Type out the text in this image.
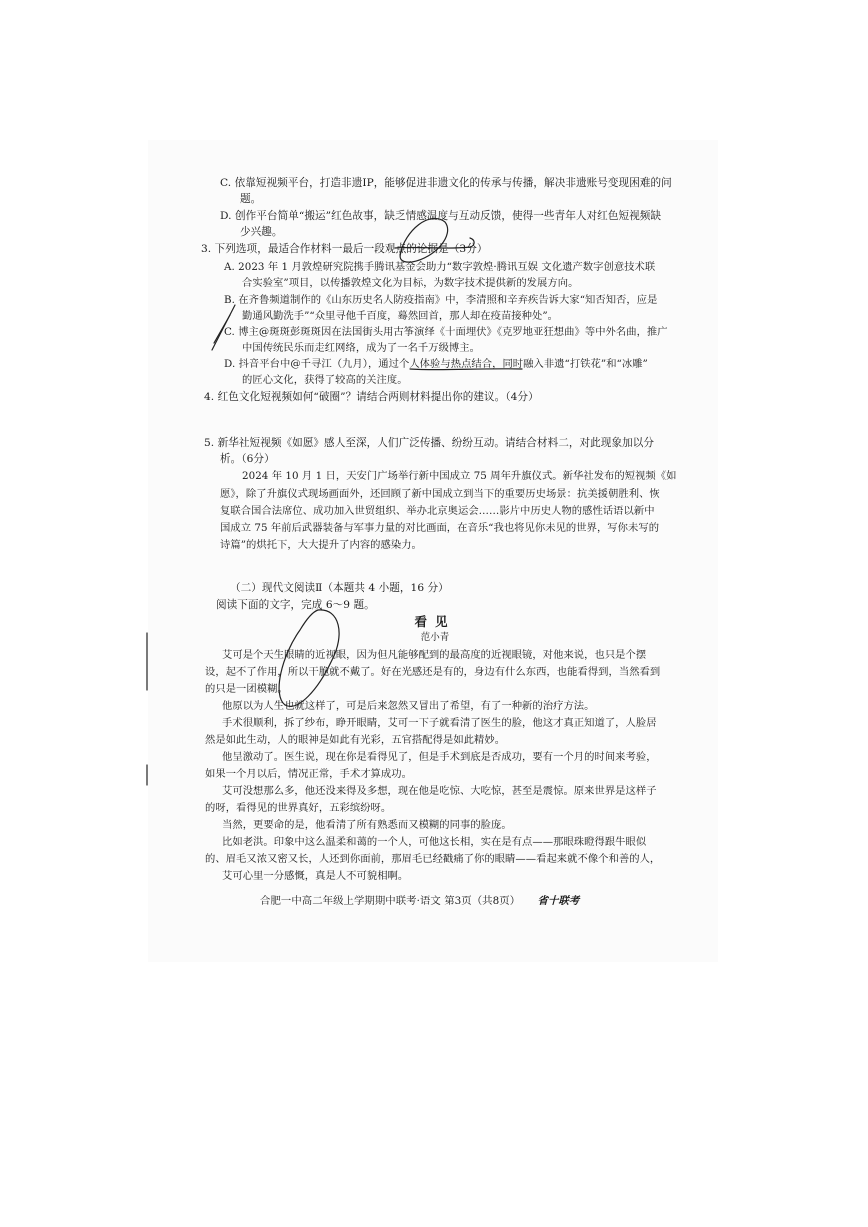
C. 依靠短视频平台，打造非遗IP，能够促进非遗文化的传承与传播，解决非遗账号变现困难的问
题。
D. 创作平台简单“搬运”红色故事，缺乏情感温度与互动反馈，使得一些青年人对红色短视频缺
少兴趣。
3. 下列选项，最适合作材料一最后一段观点的论据是（3分）
A. 2023 年 1 月敦煌研究院携手腾讯基金会助力“数字敦煌·腾讯互娱 文化遗产数字创意技术联
合实验室”项目，以传播敦煌文化为目标，为数字技术提供新的发展方向。
B. 在齐鲁频道制作的《山东历史名人防疫指南》中，李清照和辛弃疾告诉大家“知否知否，应是
勤通风勤洗手”“众里寻他千百度，蓦然回首，那人却在疫苗接种处”。
C. 博主@斑斑彭斑斑因在法国街头用古筝演绎《十面埋伏》《克罗地亚狂想曲》等中外名曲，推广
中国传统民乐而走红网络，成为了一名千万级博主。
D. 抖音平台中@千寻江（九月），通过个人体验与热点结合，同时融入非遗“打铁花”和“冰雕”
的匠心文化，获得了较高的关注度。
4. 红色文化短视频如何“破圈”？请结合两则材料提出你的建议。（4分）
5. 新华社短视频《如愿》感人至深，人们广泛传播、纷纷互动。请结合材料二，对此现象加以分
析。（6分）
2024 年 10 月 1 日，天安门广场举行新中国成立 75 周年升旗仪式。新华社发布的短视频《如
愿》，除了升旗仪式现场画面外，还回顾了新中国成立到当下的重要历史场景：抗美援朝胜利、恢
复联合国合法席位、成功加入世贸组织、举办北京奥运会……影片中历史人物的感性话语以新中
国成立 75 年前后武器装备与军事力量的对比画面，在音乐“我也将见你未见的世界，写你未写的
诗篇”的烘托下，大大提升了内容的感染力。
（二）现代文阅读Ⅱ（本题共 4 小题，16 分）
阅读下面的文字，完成 6～9 题。
看见
范小青
艾可是个天生眼睛的近视眼，因为但凡能够配到的最高度的近视眼镜，对他来说，也只是个摆
设，起不了作用，所以干脆就不戴了。好在光感还是有的，身边有什么东西，也能看得到，当然看到
的只是一团模糊。
他原以为人生也就这样了，可是后来忽然又冒出了希望，有了一种新的治疗方法。
手术很顺利，拆了纱布，睁开眼睛，艾可一下子就看清了医生的脸，他这才真正知道了，人脸居
然是如此生动，人的眼神是如此有光彩，五官搭配得是如此精妙。
他呈激动了。医生说，现在你是看得见了，但是手术到底是否成功，要有一个月的时间来考验，
如果一个月以后，情况正常，手术才算成功。
艾可没想那么多，他还没来得及多想，现在他是吃惊、大吃惊，甚至是震惊。原来世界是这样子
的呀，看得见的世界真好，五彩缤纷呀。
当然，更要命的是，他看清了所有熟悉而又模糊的同事的脸庞。
比如老洪。印象中这么温柔和蔼的一个人，可他这长相，实在是有点——那眼珠瞪得跟牛眼似
的、眉毛又浓又密又长，人还到你面前，那眉毛已经戳痛了你的眼睛——看起来就不像个和善的人，
艾可心里一分感慨，真是人不可貌相啊。
合肥一中高二年级上学期期中联考·语文 第3页（共8页） 省十联考
